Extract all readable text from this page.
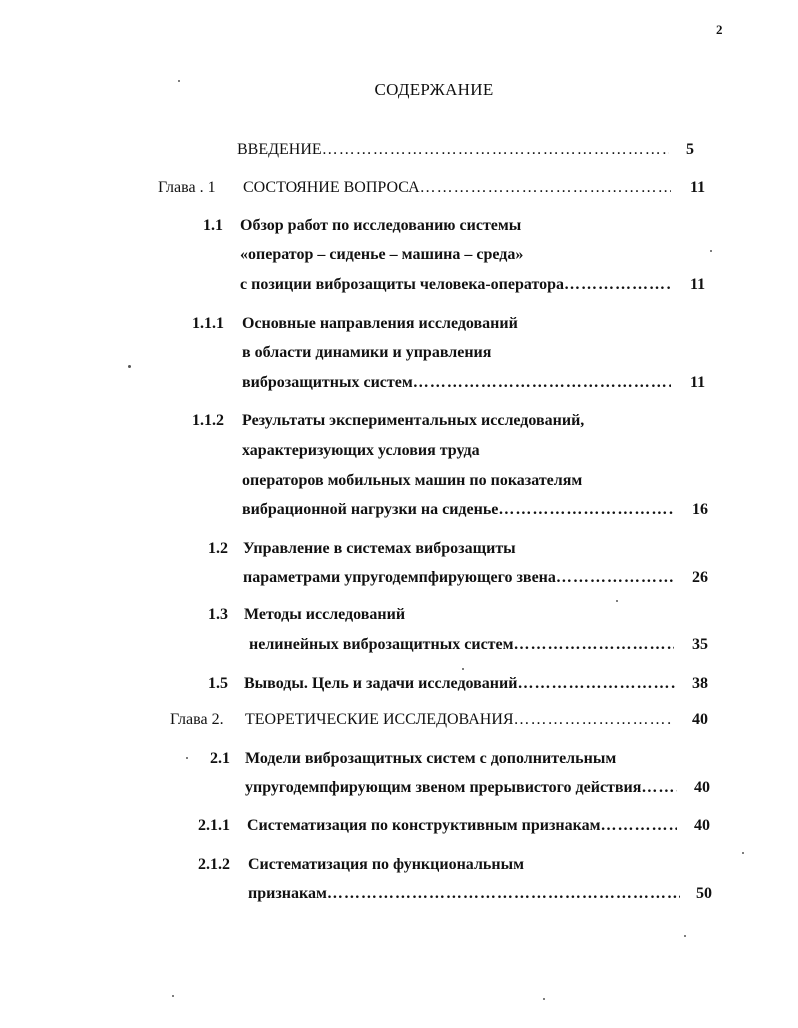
2
СОДЕРЖАНИЕ
ВВЕДЕНИЕ ………………………………………………………………………………………………………………………………	5
Глава . 1 СОСТОЯНИЕ ВОПРОСА ………………………………………………………………………………………………………………………………	11
1.1 Обзор работ по исследованию системы
«оператор – сиденье – машина – среда»
с позиции виброзащиты человека-оператора ………………………………………………………………………………………………………………………………	11
1.1.1 Основные направления исследований
в области динамики и управления
виброзащитных систем ………………………………………………………………………………………………………………………………	11
1.1.2 Результаты экспериментальных исследований,
характеризующих условия труда
операторов мобильных машин по показателям
вибрационной нагрузки на сиденье ………………………………………………………………………………………………………………………………	16
1.2 Управление в системах виброзащиты
параметрами упругодемпфирующего звена ………………………………………………………………………………………………………………………………	26
1.3 Методы исследований
нелинейных виброзащитных систем ………………………………………………………………………………………………………………………………	35
1.5 Выводы. Цель и задачи исследований ………………………………………………………………………………………………………………………………	38
Глава 2. ТЕОРЕТИЧЕСКИЕ ИССЛЕДОВАНИЯ ………………………………………………………………………………………………………………………………	40
2.1 Модели виброзащитных систем с дополнительным
упругодемпфирующим звеном прерывистого действия ………………………………………………………………………………………………………………………………	40
2.1.1 Систематизация по конструктивным признакам ………………………………………………………………………………………………………………………………	40
2.1.2 Систематизация по функциональным
признакам ………………………………………………………………………………………………………………………………	50
